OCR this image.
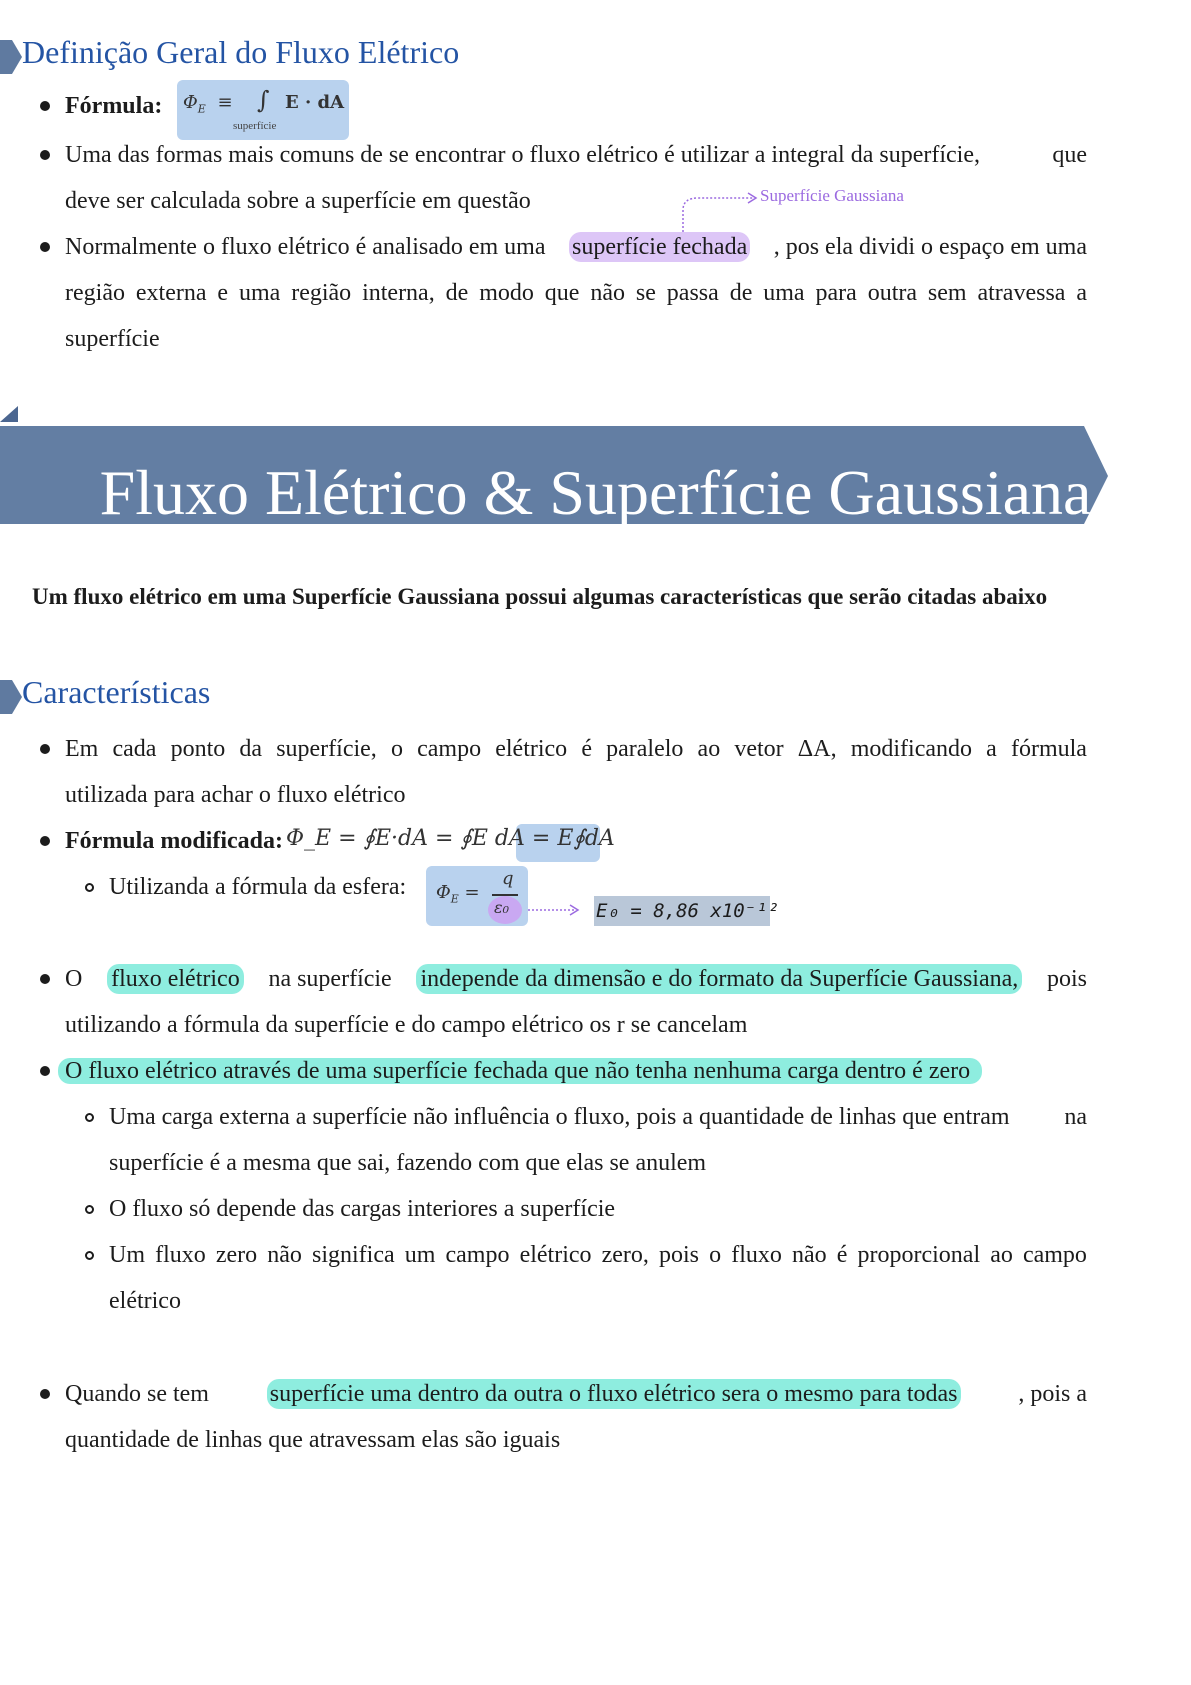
Definição Geral do Fluxo Elétrico
Fórmula: $\Phi_E$ ≡ ∫ E · dA
superfície
Uma das formas mais comuns de se encontrar o fluxo elétrico é utilizar a integral da superfície,	que
deve ser calculada sobre a superfície em questão	Superfície Gaussiana
Normalmente o fluxo elétrico é analisado em uma superfície fechada , pos ela dividi o espaço em uma
região externa e uma região interna, de modo que não se passa de uma para outra sem atravessa a
superfície
Fluxo Elétrico & Superfície Gaussiana
Um fluxo elétrico em uma Superfície Gaussiana possui algumas características que serão citadas abaixo
Características
Em cada ponto da superfície, o campo elétrico é paralelo ao vetor ΔA, modificando a fórmula
utilizada para achar o fluxo elétrico
Fórmula modificada: Φ_E = ∮E·dA = ∮E dA = E∮dA
Utilizanda a fórmula da esfera: $\Phi_E$ =
q
ε₀	E₀ = 8,86 x10⁻¹²
O fluxo elétrico na superfície independe da dimensão e do formato da Superfície Gaussiana, pois
utilizando a fórmula da superfície e do campo elétrico os r se cancelam
O fluxo elétrico através de uma superfície fechada que não tenha nenhuma carga dentro é zero
Uma carga externa a superfície não influência o fluxo, pois a quantidade de linhas que entram na
superfície é a mesma que sai, fazendo com que elas se anulem
O fluxo só depende das cargas interiores a superfície
Um fluxo zero não significa um campo elétrico zero, pois o fluxo não é proporcional ao campo
elétrico
Quando se tem	superfície uma dentro da outra o fluxo elétrico sera o mesmo para todas	, pois a
quantidade de linhas que atravessam elas são iguais
